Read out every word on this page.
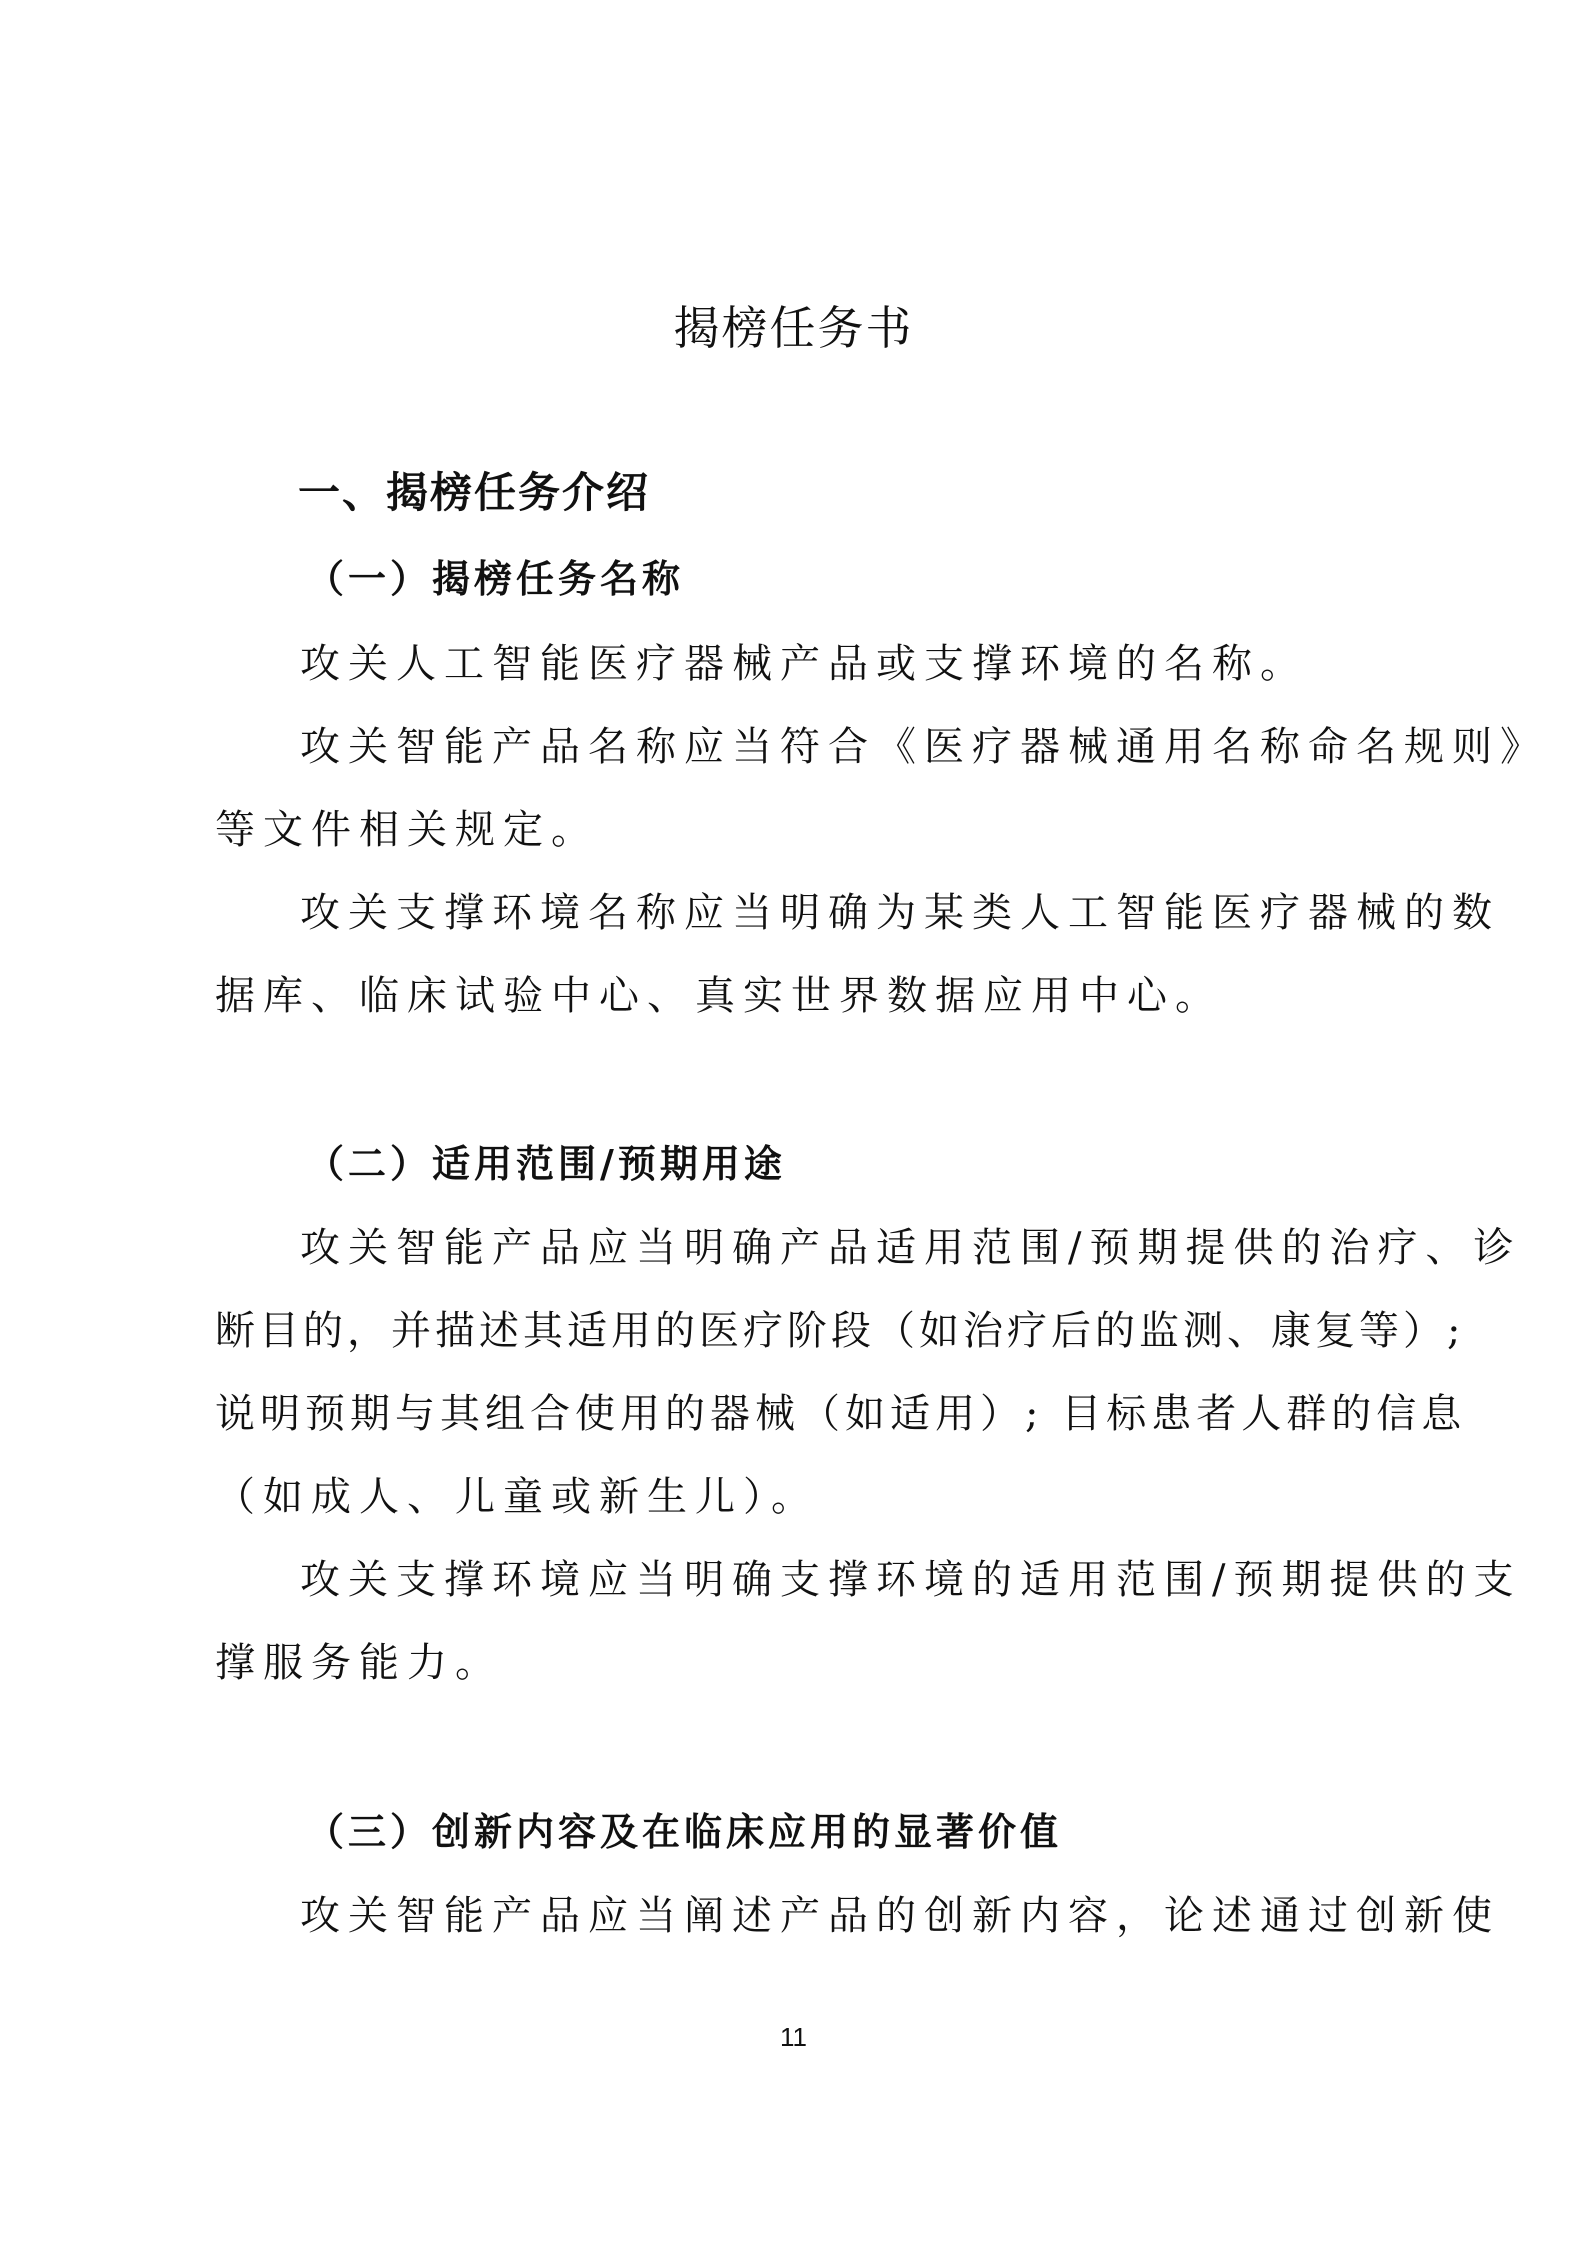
揭榜任务书
一、揭榜任务介绍
（一）揭榜任务名称
攻关人工智能医疗器械产品或支撑环境的名称。
攻关智能产品名称应当符合《医疗器械通用名称命名规则》
等文件相关规定。
攻关支撑环境名称应当明确为某类人工智能医疗器械的数
据库、临床试验中心、真实世界数据应用中心。
（二）适用范围/预期用途
攻关智能产品应当明确产品适用范围/预期提供的治疗、诊
断目的，并描述其适用的医疗阶段（如治疗后的监测、康复等）;
说明预期与其组合使用的器械（如适用）; 目标患者人群的信息
（如成人、儿童或新生儿）。
攻关支撑环境应当明确支撑环境的适用范围/预期提供的支
撑服务能力。
（三）创新内容及在临床应用的显著价值
攻关智能产品应当阐述产品的创新内容，论述通过创新使
11
